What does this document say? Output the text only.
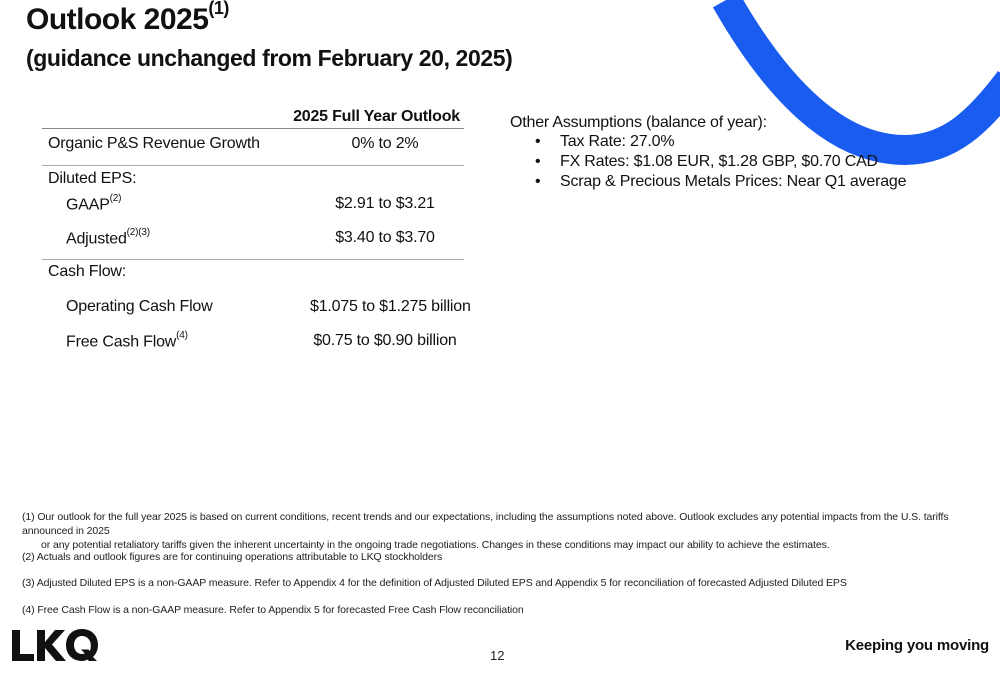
Outlook 2025$^{(1)}$
(guidance unchanged from February 20, 2025)
2025 Full Year Outlook
Organic P&S Revenue Growth	0% to 2%
Diluted EPS:
GAAP$^{(2)}$	$2.91 to $3.21
Adjusted$^{(2)(3)}$	$3.40 to $3.70
Cash Flow:
Operating Cash Flow	$1.075 to $1.275 billion
Free Cash Flow$^{(4)}$	$0.75 to $0.90 billion
Other Assumptions (balance of year):
• Tax Rate: 27.0%
• FX Rates: $1.08 EUR, $1.28 GBP, $0.70 CAD
• Scrap & Precious Metals Prices: Near Q1 average
(1) Our outlook for the full year 2025 is based on current conditions, recent trends and our expectations, including the assumptions noted above. Outlook excludes any potential impacts from the U.S. tariffs announced in 2025
or any potential retaliatory tariffs given the inherent uncertainty in the ongoing trade negotiations. Changes in these conditions may impact our ability to achieve the estimates.
(2) Actuals and outlook figures are for continuing operations attributable to LKQ stockholders
(3) Adjusted Diluted EPS is a non-GAAP measure. Refer to Appendix 4 for the definition of Adjusted Diluted EPS and Appendix 5 for reconciliation of forecasted Adjusted Diluted EPS
(4) Free Cash Flow is a non-GAAP measure. Refer to Appendix 5 for forecasted Free Cash Flow reconciliation
12
Keeping you moving
